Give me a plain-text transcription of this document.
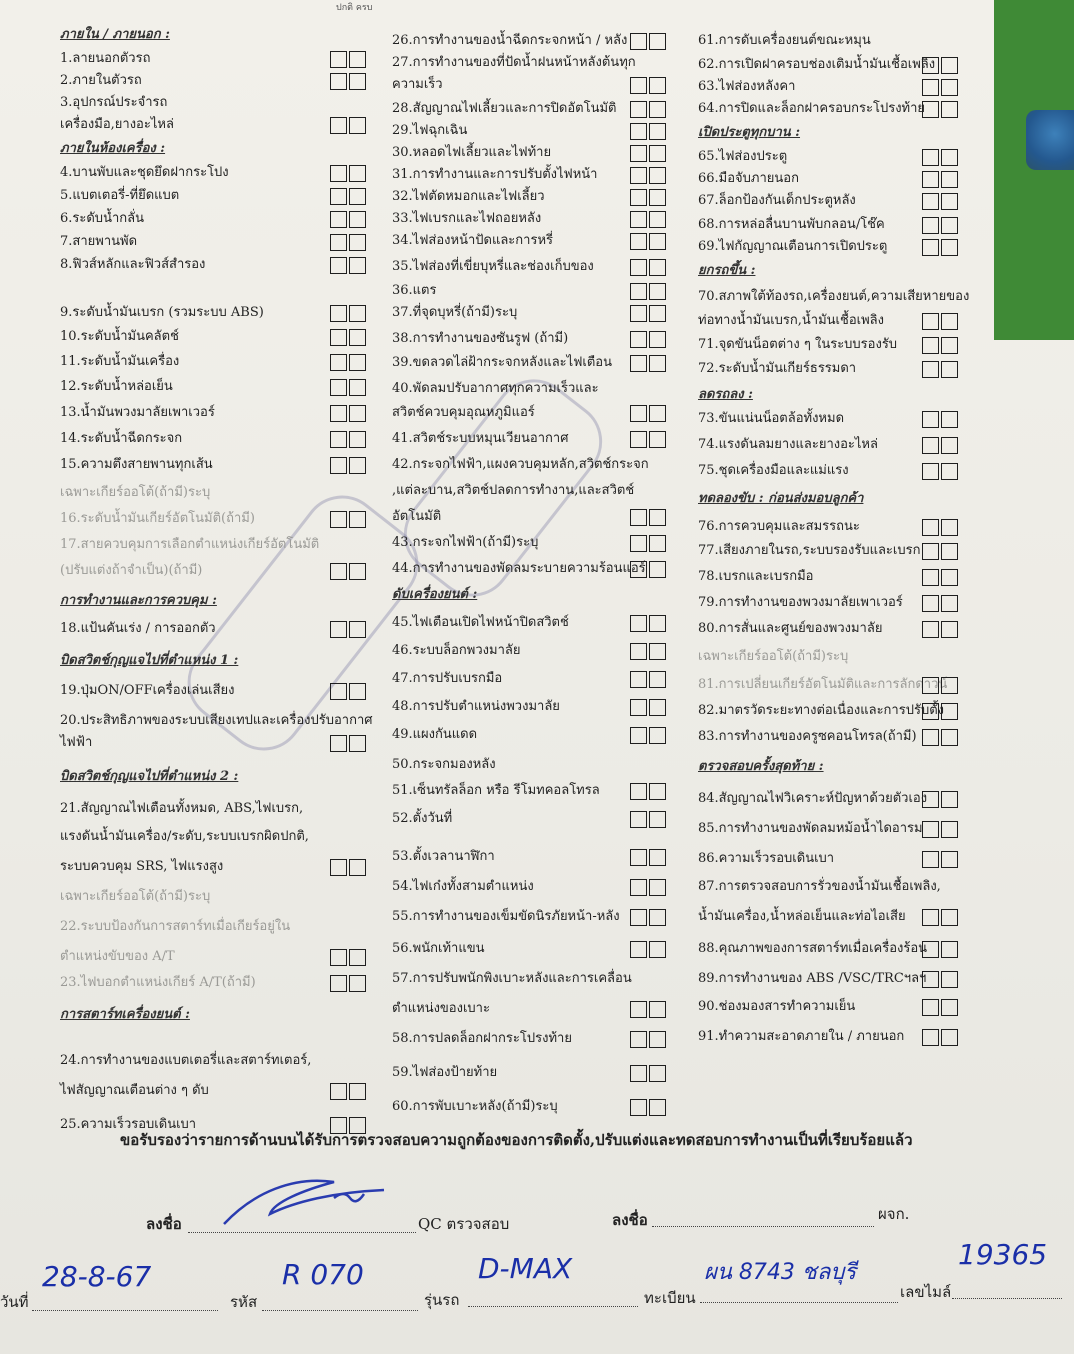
ปกติ ครบ
ภายใน / ภายนอก :
1.ลายนอกตัวรถ
2.ภายในตัวรถ
3.อุปกรณ์ประจำรถ
เครื่องมือ,ยางอะไหล่
ภายในห้องเครื่อง :
4.บานพับและชุดยึดฝากระโปง
5.แบตเตอรี่-ที่ยึดแบต
6.ระดับน้ำกลั่น
7.สายพานพัด
8.ฟิวส์หลักและฟิวส์สำรอง
9.ระดับน้ำมันเบรก (รวมระบบ ABS)
10.ระดับน้ำมันคลัตช์
11.ระดับน้ำมันเครื่อง
12.ระดับน้ำหล่อเย็น
13.น้ำมันพวงมาลัยเพาเวอร์
14.ระดับน้ำฉีดกระจก
15.ความตึงสายพานทุกเส้น
เฉพาะเกียร์ออโต้(ถ้ามี)ระบุ
16.ระดับน้ำมันเกียร์อัตโนมัติ(ถ้ามี)
17.สายควบคุมการเลือกตำแหน่งเกียร์อัตโนมัติ
(ปรับแต่งถ้าจำเป็น)(ถ้ามี)
การทำงานและการควบคุม :
18.แป้นคันเร่ง / การออกตัว
บิดสวิตช์กุญแจไปที่ตำแหน่ง 1 :
19.ปุ่มON/OFFเครื่องเล่นเสียง
20.ประสิทธิภาพของระบบเสียงเทปและเครื่องปรับอากาศ
ไฟฟ้า
บิดสวิตช์กุญแจไปที่ตำแหน่ง 2 :
21.สัญญาณไฟเตือนทั้งหมด, ABS,ไฟเบรก,
แรงดันน้ำมันเครื่อง/ระดับ,ระบบเบรกผิดปกติ,
ระบบควบคุม SRS, ไฟแรงสูง
เฉพาะเกียร์ออโต้(ถ้ามี)ระบุ
22.ระบบป้องกันการสตาร์ทเมื่อเกียร์อยู่ใน
ตำแหน่งขับของ A/T
23.ไฟบอกตำแหน่งเกียร์ A/T(ถ้ามี)
การสตาร์ทเครื่องยนต์ :
24.การทำงานของแบตเตอรี่และสตาร์ทเตอร์,
ไฟสัญญาณเตือนต่าง ๆ ดับ
25.ความเร็วรอบเดินเบา
26.การทำงานของน้ำฉีดกระจกหน้า / หลัง
27.การทำงานของที่ปัดน้ำฝนหน้าหลังต้นทุก
ความเร็ว
28.สัญญาณไฟเลี้ยวและการปิดอัตโนมัติ
29.ไฟฉุกเฉิน
30.หลอดไฟเลี้ยวและไฟท้าย
31.การทำงานและการปรับตั้งไฟหน้า
32.ไฟตัดหมอกและไฟเลี้ยว
33.ไฟเบรกและไฟถอยหลัง
34.ไฟส่องหน้าปัดและการหรี่
35.ไฟส่องที่เขี่ยบุหรี่และช่องเก็บของ
36.แตร
37.ที่จุดบุหรี่(ถ้ามี)ระบุ
38.การทำงานของซันรูฟ (ถ้ามี)
39.ขดลวดไล่ฝ้ากระจกหลังและไฟเตือน
40.พัดลมปรับอากาศทุกความเร็วและ
สวิตช์ควบคุมอุณหภูมิแอร์
41.สวิตช์ระบบหมุนเวียนอากาศ
42.กระจกไฟฟ้า,แผงควบคุมหลัก,สวิตช์กระจก
,แต่ละบาน,สวิตช์ปลดการทำงาน,และสวิตช์
อัตโนมัติ
43.กระจกไฟฟ้า(ถ้ามี)ระบุ
44.การทำงานของพัดลมระบายความร้อนแอร์
ดับเครื่องยนต์ :
45.ไฟเตือนเปิดไฟหน้าปิดสวิตช์
46.ระบบล็อกพวงมาลัย
47.การปรับเบรกมือ
48.การปรับตำแหน่งพวงมาลัย
49.แผงกันแดด
50.กระจกมองหลัง
51.เซ็นทรัลล็อก หรือ รีโมทคอลโทรล
52.ตั้งวันที่
53.ตั้งเวลานาฬิกา
54.ไฟเก๋งทั้งสามตำแหน่ง
55.การทำงานของเข็มขัดนิรภัยหน้า-หลัง
56.พนักเท้าแขน
57.การปรับพนักพิงเบาะหลังและการเคลื่อน
ตำแหน่งของเบาะ
58.การปลดล็อกฝากระโปรงท้าย
59.ไฟส่องป้ายท้าย
60.การพับเบาะหลัง(ถ้ามี)ระบุ
61.การดับเครื่องยนต์ขณะหมุน
62.การเปิดฝาครอบช่องเติมน้ำมันเชื้อเพลิง
63.ไฟส่องหลังคา
64.การปิดและล็อกฝาครอบกระโปรงท้าย
เปิดประตูทุกบาน :
65.ไฟส่องประตู
66.มือจับภายนอก
67.ล็อกป้องกันเด็กประตูหลัง
68.การหล่อลื่นบานพับกลอน/โช๊ค
69.ไฟกัญญาณเตือนการเปิดประตู
ยกรถขึ้น :
70.สภาพใต้ท้องรถ,เครื่องยนต์,ความเสียหายของ
ท่อทางน้ำมันเบรก,น้ำมันเชื้อเพลิง
71.จุดขันน็อตต่าง ๆ ในระบบรองรับ
72.ระดับน้ำมันเกียร์ธรรมดา
ลดรถลง :
73.ขันแน่นน็อตล้อทั้งหมด
74.แรงดันลมยางและยางอะไหล่
75.ชุดเครื่องมือและแม่แรง
ทดลองขับ : ก่อนส่งมอบลูกค้า
76.การควบคุมและสมรรถนะ
77.เสียงภายในรถ,ระบบรองรับและเบรก
78.เบรกและเบรกมือ
79.การทำงานของพวงมาลัยเพาเวอร์
80.การสั่นและศูนย์ของพวงมาลัย
เฉพาะเกียร์ออโต้(ถ้ามี)ระบุ
81.การเปลี่ยนเกียร์อัตโนมัติและการลักดาวน์
82.มาตรวัดระยะทางต่อเนื่องและการปรับตั้ง
83.การทำงานของครูซคอนโทรล(ถ้ามี)
ตรวจสอบครั้งสุดท้าย :
84.สัญญาณไฟวิเคราะห์ปัญหาด้วยตัวเอง
85.การทำงานของพัดลมหม้อน้ำไดอารม
86.ความเร็วรอบเดินเบา
87.การตรวจสอบการรั่วของน้ำมันเชื้อเพลิง,
น้ำมันเครื่อง,น้ำหล่อเย็นและท่อไอเสีย
88.คุณภาพของการสตาร์ทเมื่อเครื่องร้อน
89.การทำงานของ ABS /VSC/TRCฯลฯ
90.ช่องมองสารทำความเย็น
91.ทำความสะอาดภายใน / ภายนอก
ขอรับรองว่ารายการด้านบนได้รับการตรวจสอบความถูกต้องของการติดตั้ง,ปรับแต่งและทดสอบการทำงานเป็นที่เรียบร้อยแล้ว
ลงชื่อ	QC ตรวจสอบ	ลงชื่อ	ผจก.
วันที่
28-8-67
รหัส
R 070
รุ่นรถ
D-MAX
ทะเบียน
ผน 8743 ชลบุรี
เลขไมล์
19365
